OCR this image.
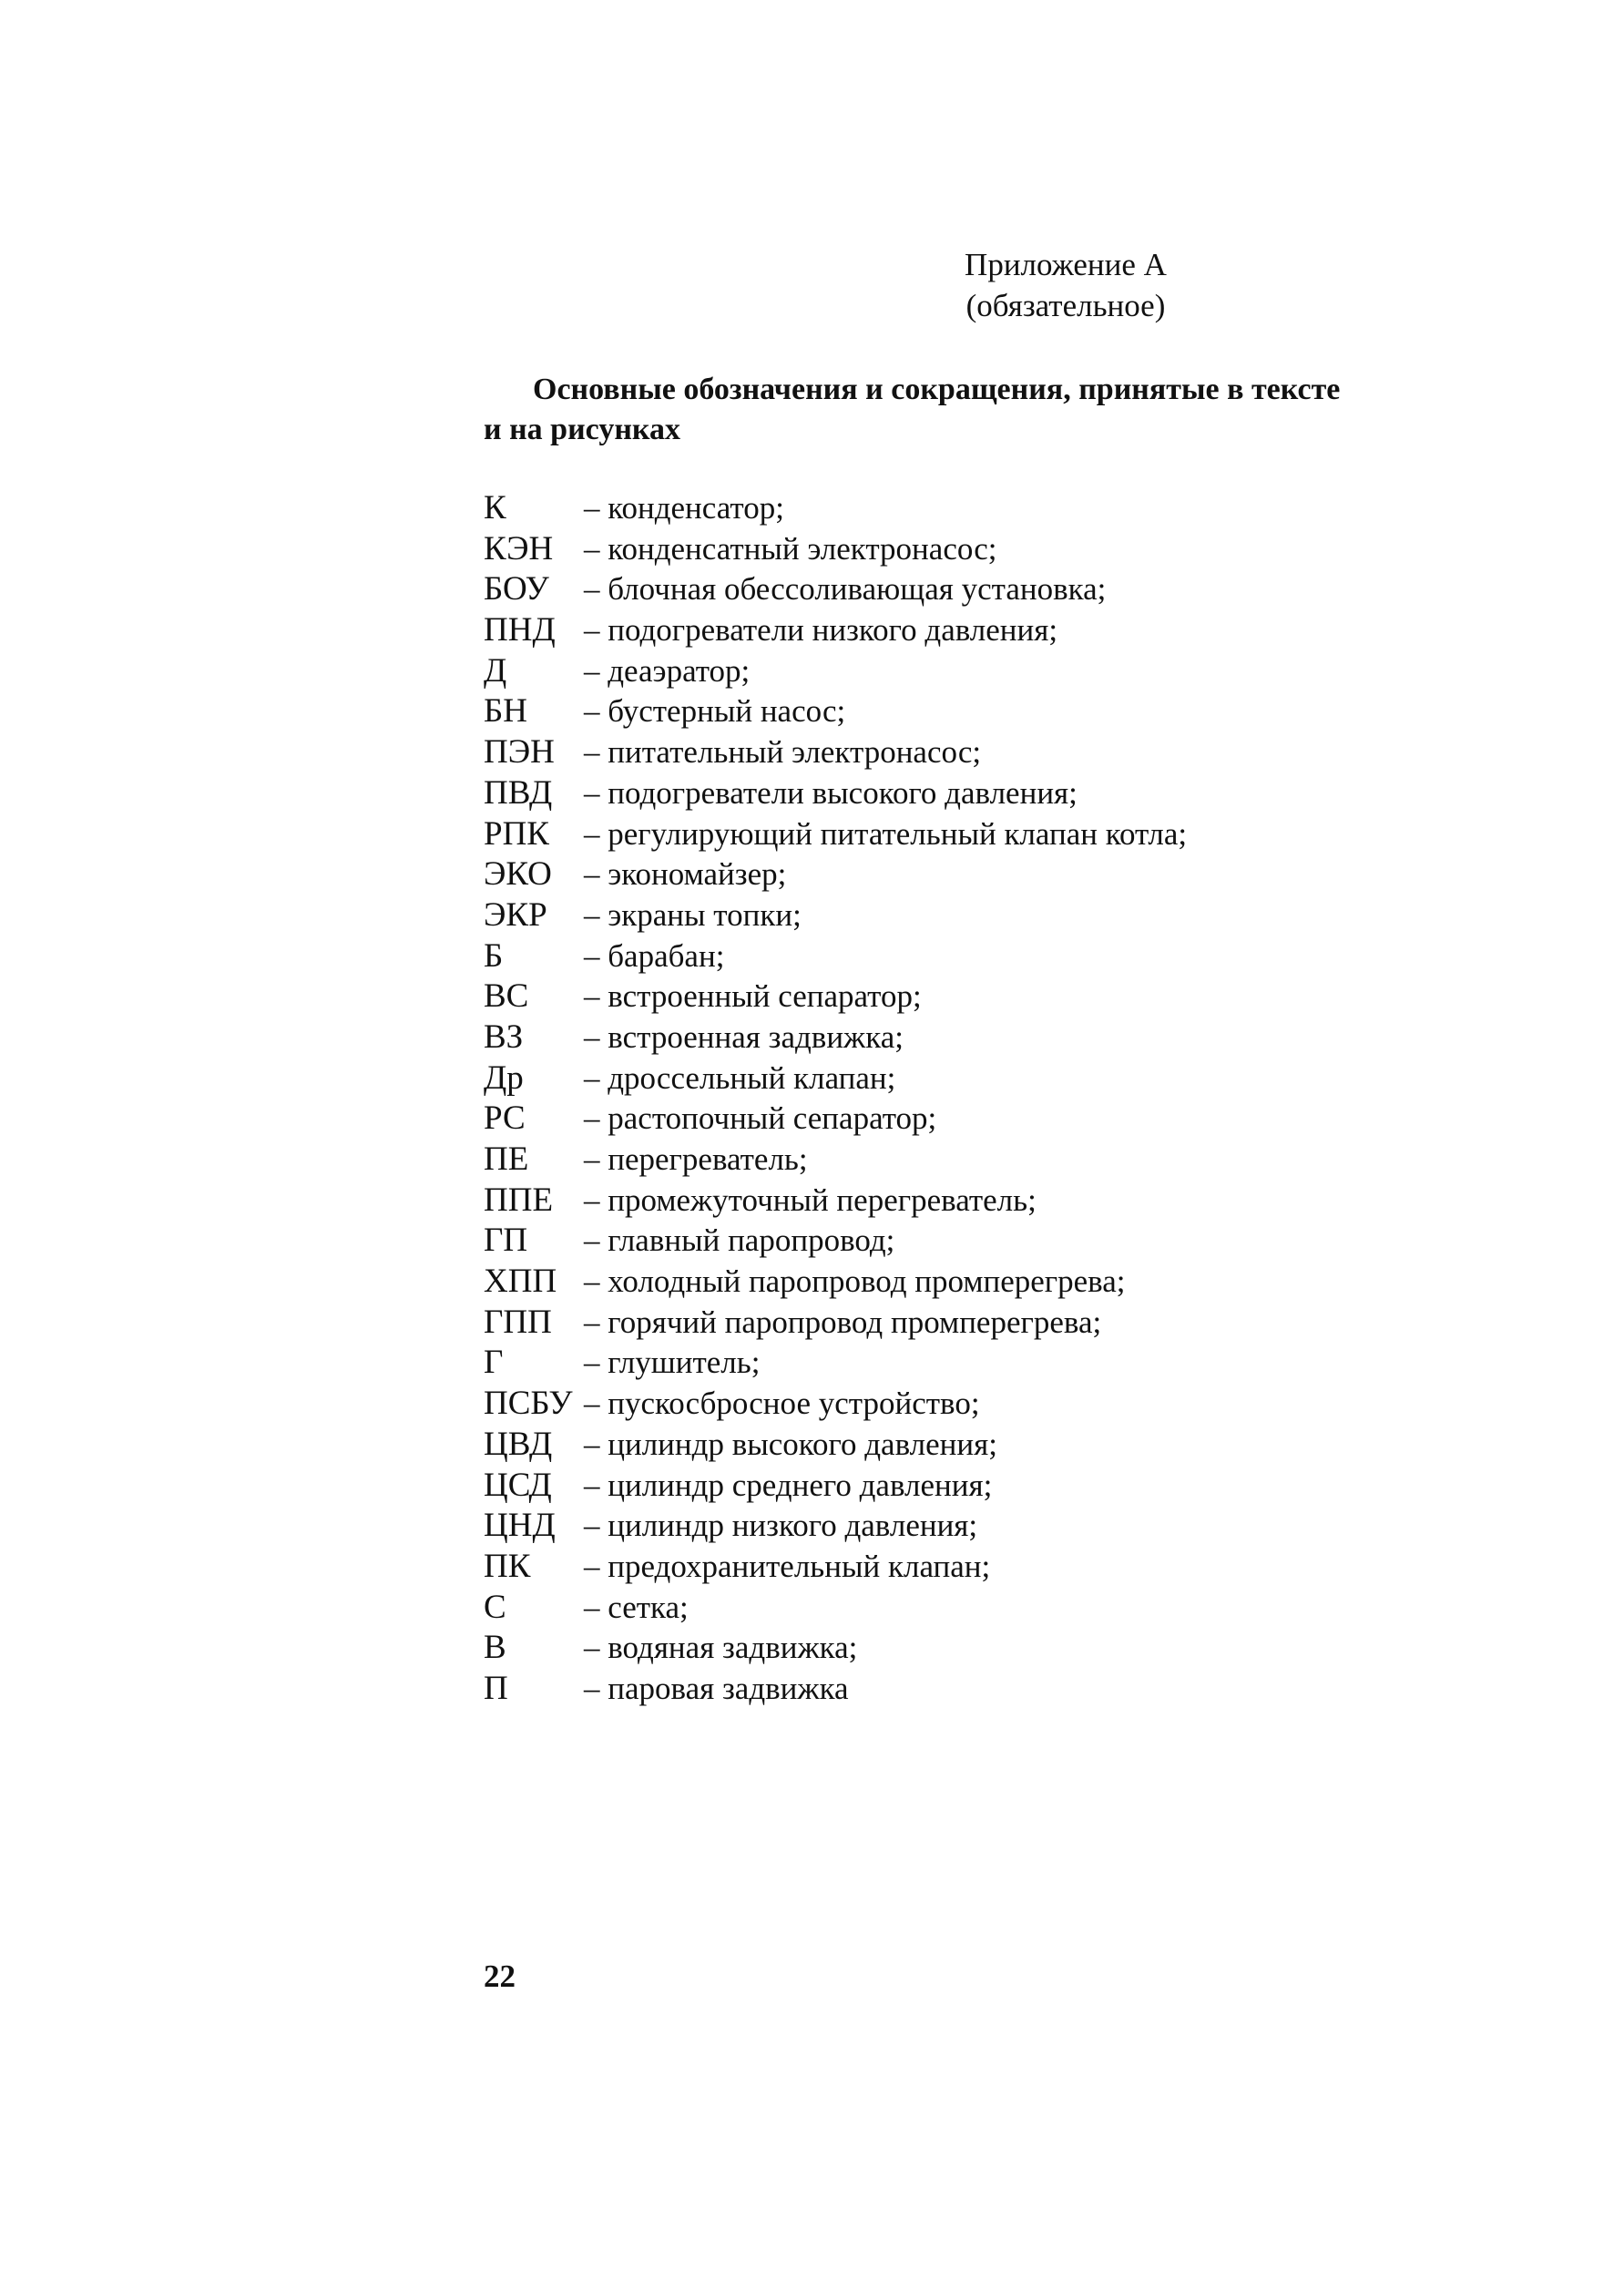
Приложение А
(обязательное)
Основные обозначения и сокращения, принятые в тексте
и на рисунках
К	– конденсатор;
КЭН – конденсатный электронасос;
БОУ	– блочная обессоливающая установка;
ПНД – подогреватели низкого давления;
Д	– деаэратор;
БН	– бустерный насос;
ПЭН – питательный электронасос;
ПВД – подогреватели высокого давления;
РПК	– регулирующий питательный клапан котла;
ЭКО	– экономайзер;
ЭКР	– экраны топки;
Б	– барабан;
ВС	– встроенный сепаратор;
ВЗ	– встроенная задвижка;
Др	– дроссельный клапан;
РС	– растопочный сепаратор;
ПЕ	– перегреватель;
ППЕ – промежуточный перегреватель;
ГП	– главный паропровод;
ХПП – холодный паропровод промперегрева;
ГПП	– горячий паропровод промперегрева;
Г	– глушитель;
ПСБУ – пускосбросное устройство;
ЦВД – цилиндр высокого давления;
ЦСД	– цилиндр среднего давления;
ЦНД – цилиндр низкого давления;
ПК	– предохранительный клапан;
С	– сетка;
В	– водяная задвижка;
П	– паровая задвижка
22
